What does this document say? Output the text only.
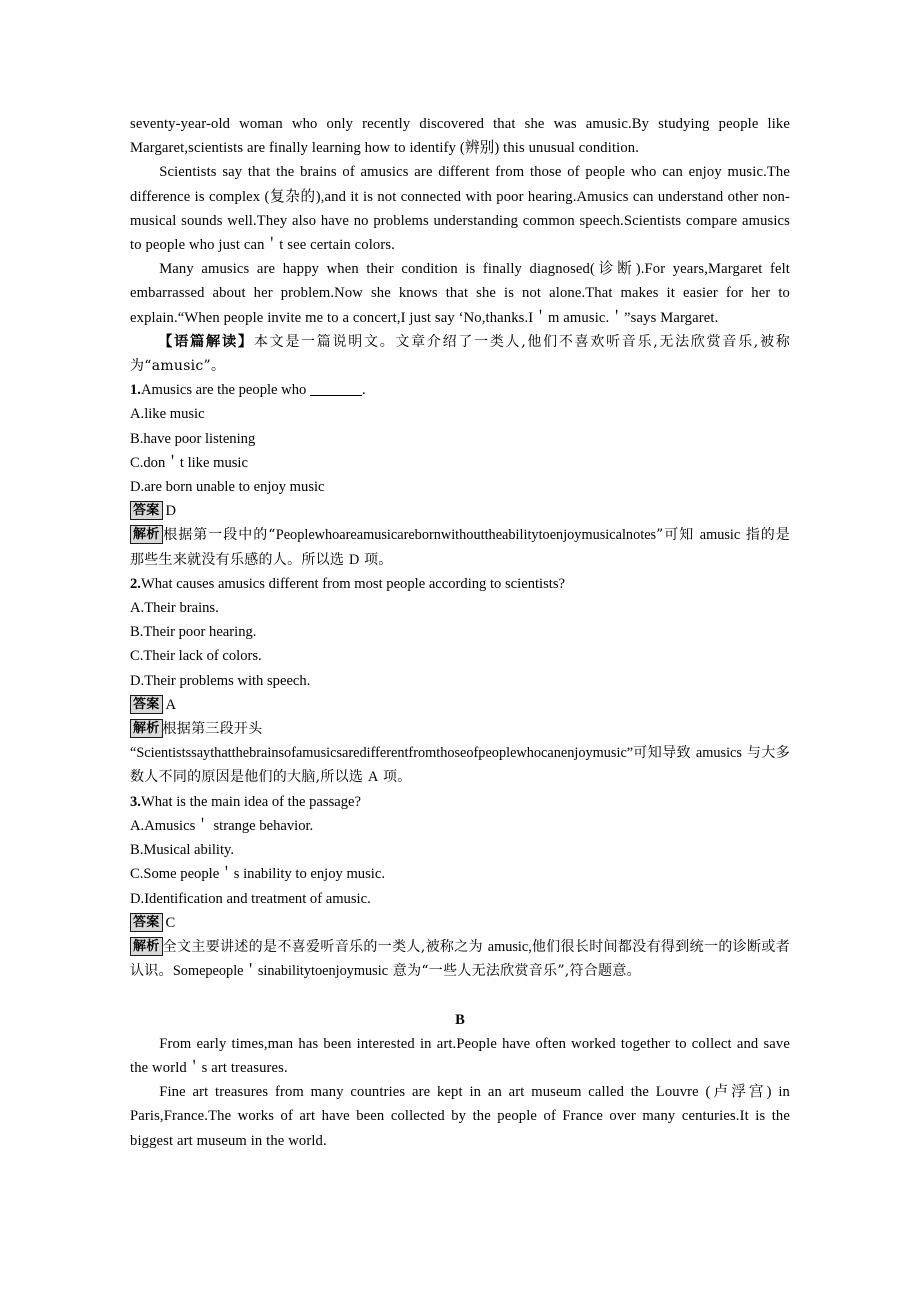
seventy-year-old woman who only recently discovered that she was amusic.By studying people like Margaret,scientists are finally learning how to identify (辨别) this unusual condition.

Scientists say that the brains of amusics are different from those of people who can enjoy music.The difference is complex (复杂的),and it is not connected with poor hearing.Amusics can understand other non-musical sounds well.They also have no problems understanding common speech.Scientists compare amusics to people who just can＇t see certain colors.

Many amusics are happy when their condition is finally diagnosed(诊断).For years,Margaret felt embarrassed about her problem.Now she knows that she is not alone.That makes it easier for her to explain.“When people invite me to a concert,I just say ‘No,thanks.I＇m amusic.＇”says Margaret.

【语篇解读】本文是一篇说明文。文章介绍了一类人,他们不喜欢听音乐,无法欣赏音乐,被称为“amusic”。

1.Amusics are the people who	.

A.like music

B.have poor listening

C.don＇t like music

D.are born unable to enjoy music

答案 D

解析 根据第一段中的“Peoplewhoareamusicarebornwithouttheabilitytoenjoymusicalnotes”可知 amusic 指的是那些生来就没有乐感的人。所以选 D 项。

2.What causes amusics different from most people according to scientists?

A.Their brains.

B.Their poor hearing.

C.Their lack of colors.

D.Their problems with speech.

答案 A

解析 根据第三段开头
“Scientistssaythatthebrainsofamusicsaredifferentfromthoseofpeoplewhocanenjoymusic”可知导致 amusics 与大多数人不同的原因是他们的大脑,所以选 A 项。

3.What is the main idea of the passage?

A.Amusics＇ strange behavior.

B.Musical ability.

C.Some people＇s inability to enjoy music.

D.Identification and treatment of amusic.

答案 C

解析 全文主要讲述的是不喜爱听音乐的一类人,被称之为 amusic,他们很长时间都没有得到统一的诊断或者认识。Somepeople＇sinabilitytoenjoymusic 意为“一些人无法欣赏音乐”,符合题意。

B

From early times,man has been interested in art.People have often worked together to collect and save the world＇s art treasures.

Fine art treasures from many countries are kept in an art museum called the Louvre (卢浮宫) in Paris,France.The works of art have been collected by the people of France over many centuries.It is the biggest art museum in the world.
